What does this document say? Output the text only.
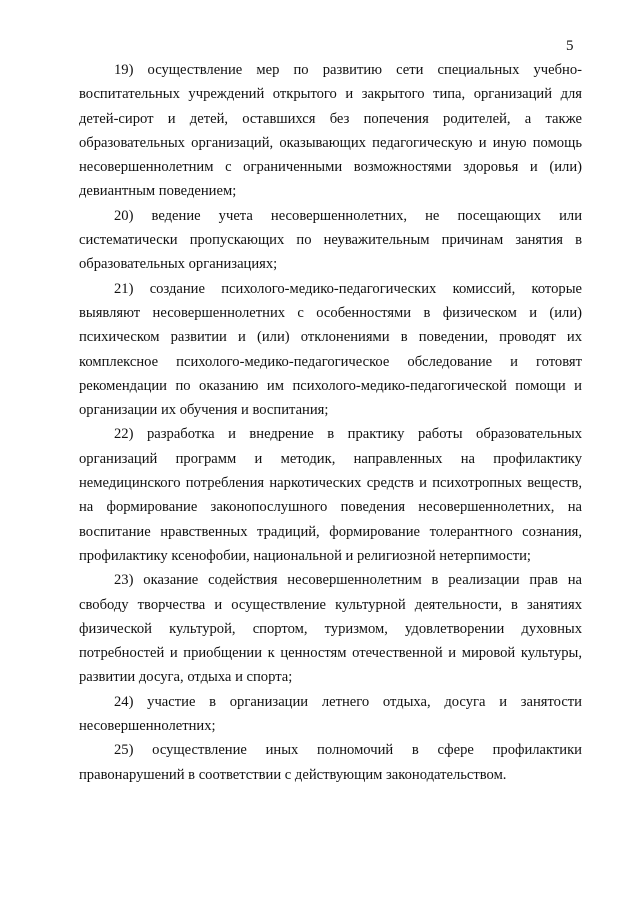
5

19) осуществление мер по развитию сети специальных учебно-воспитательных учреждений открытого и закрытого типа, организаций для детей-сирот и детей, оставшихся без попечения родителей, а также образовательных организаций, оказывающих педагогическую и иную помощь несовершеннолетним с ограниченными возможностями здоровья и (или) девиантным поведением;

20) ведение учета несовершеннолетних, не посещающих или систематически пропускающих по неуважительным причинам занятия в образовательных организациях;

21) создание психолого-медико-педагогических комиссий, которые выявляют несовершеннолетних с особенностями в физическом и (или) психическом развитии и (или) отклонениями в поведении, проводят их комплексное психолого-медико-педагогическое обследование и готовят рекомендации по оказанию им психолого-медико-педагогической помощи и организации их обучения и воспитания;

22) разработка и внедрение в практику работы образовательных организаций программ и методик, направленных на профилактику немедицинского потребления наркотических средств и психотропных веществ, на формирование законопослушного поведения несовершеннолетних, на воспитание нравственных традиций, формирование толерантного сознания, профилактику ксенофобии, национальной и религиозной нетерпимости;

23) оказание содействия несовершеннолетним в реализации прав на свободу творчества и осуществление культурной деятельности, в занятиях физической культурой, спортом, туризмом, удовлетворении духовных потребностей и приобщении к ценностям отечественной и мировой культуры, развитии досуга, отдыха и спорта;

24) участие в организации летнего отдыха, досуга и занятости несовершеннолетних;

25) осуществление иных полномочий в сфере профилактики правонарушений в соответствии с действующим законодательством.
